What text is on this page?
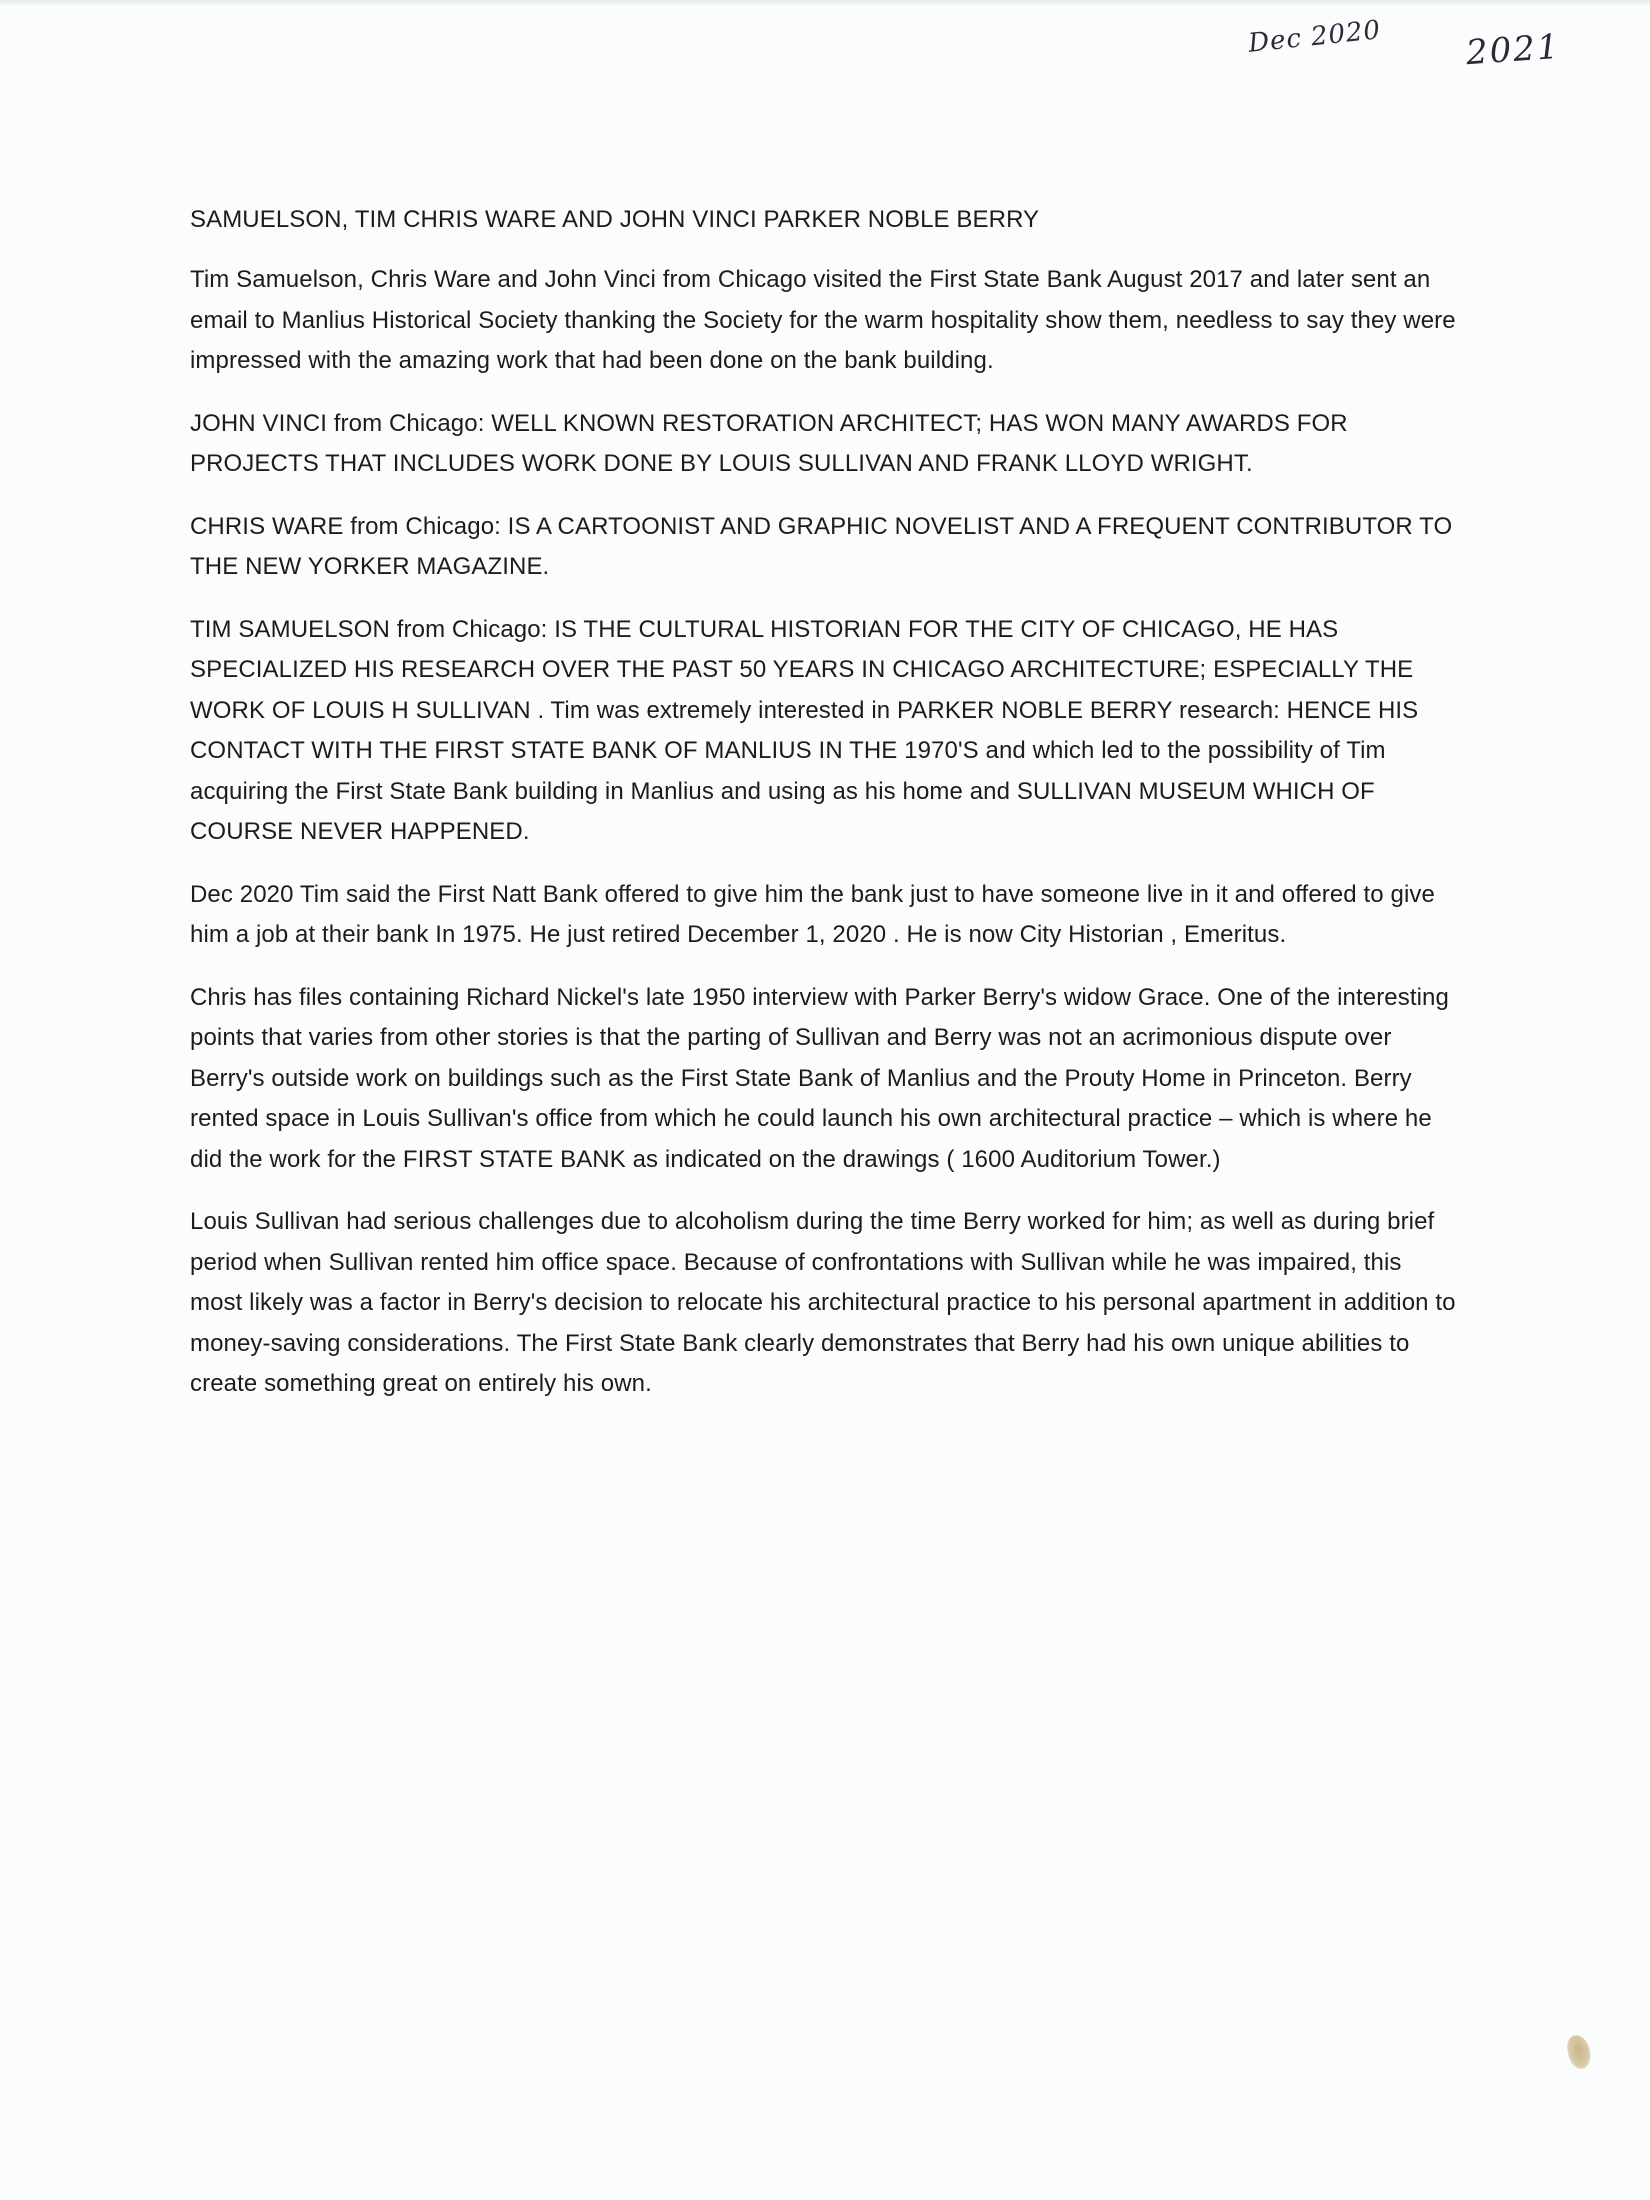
Dec 2020 2021

SAMUELSON, TIM CHRIS WARE AND JOHN VINCI PARKER NOBLE BERRY

Tim Samuelson, Chris Ware and John Vinci from Chicago visited the First State Bank August 2017 and later sent an email to Manlius Historical Society thanking the Society for the warm hospitality show them, needless to say they were impressed with the amazing work that had been done on the bank building.

JOHN VINCI from Chicago: WELL KNOWN RESTORATION ARCHITECT; HAS WON MANY AWARDS FOR PROJECTS THAT INCLUDES WORK DONE BY LOUIS SULLIVAN AND FRANK LLOYD WRIGHT.

CHRIS WARE from Chicago: IS A CARTOONIST AND GRAPHIC NOVELIST AND A FREQUENT CONTRIBUTOR TO THE NEW YORKER MAGAZINE.

TIM SAMUELSON from Chicago: IS THE CULTURAL HISTORIAN FOR THE CITY OF CHICAGO, HE HAS SPECIALIZED HIS RESEARCH OVER THE PAST 50 YEARS IN CHICAGO ARCHITECTURE; ESPECIALLY THE WORK OF LOUIS H SULLIVAN . Tim was extremely interested in PARKER NOBLE BERRY research: HENCE HIS CONTACT WITH THE FIRST STATE BANK OF MANLIUS IN THE 1970'S and which led to the possibility of Tim acquiring the First State Bank building in Manlius and using as his home and SULLIVAN MUSEUM WHICH OF COURSE NEVER HAPPENED.

Dec 2020 Tim said the First Natt Bank offered to give him the bank just to have someone live in it and offered to give him a job at their bank In 1975. He just retired December 1, 2020 . He is now City Historian , Emeritus.

Chris has files containing Richard Nickel's late 1950 interview with Parker Berry's widow Grace. One of the interesting points that varies from other stories is that the parting of Sullivan and Berry was not an acrimonious dispute over Berry's outside work on buildings such as the First State Bank of Manlius and the Prouty Home in Princeton. Berry rented space in Louis Sullivan's office from which he could launch his own architectural practice – which is where he did the work for the FIRST STATE BANK as indicated on the drawings ( 1600 Auditorium Tower.)

Louis Sullivan had serious challenges due to alcoholism during the time Berry worked for him; as well as during brief period when Sullivan rented him office space. Because of confrontations with Sullivan while he was impaired, this most likely was a factor in Berry's decision to relocate his architectural practice to his personal apartment in addition to money-saving considerations. The First State Bank clearly demonstrates that Berry had his own unique abilities to create something great on entirely his own.
